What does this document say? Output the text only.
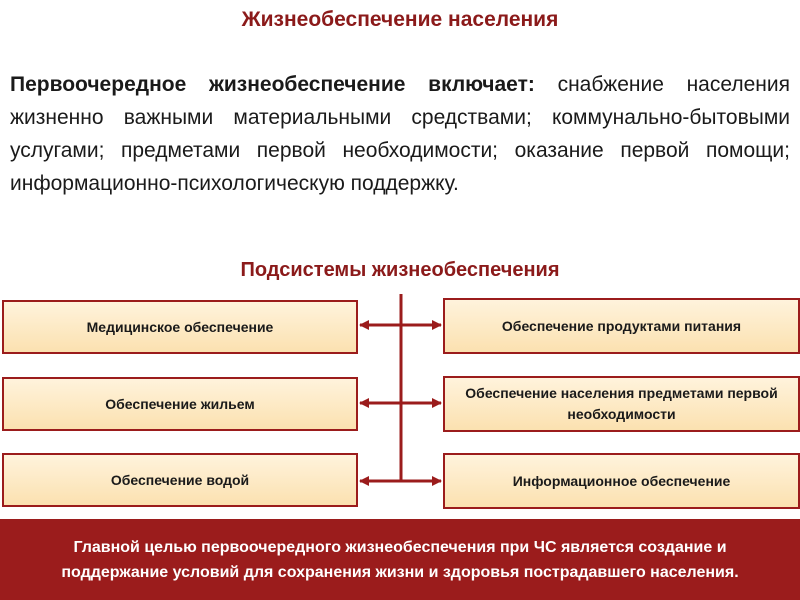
Жизнеобеспечение населения
Первоочередное жизнеобеспечение включает: снабжение населения жизненно важными материальными средствами; коммунально-бытовыми услугами; предметами первой необходимости; оказание первой помощи; информационно-психологическую поддержку.
Подсистемы жизнеобеспечения
Медицинское обеспечение
Обеспечение жильем
Обеспечение водой
Обеспечение продуктами питания
Обеспечение населения предметами первой необходимости
Информационное обеспечение
Главной целью первоочередного жизнеобеспечения при ЧС является создание и поддержание условий для сохранения жизни и здоровья пострадавшего населения.
